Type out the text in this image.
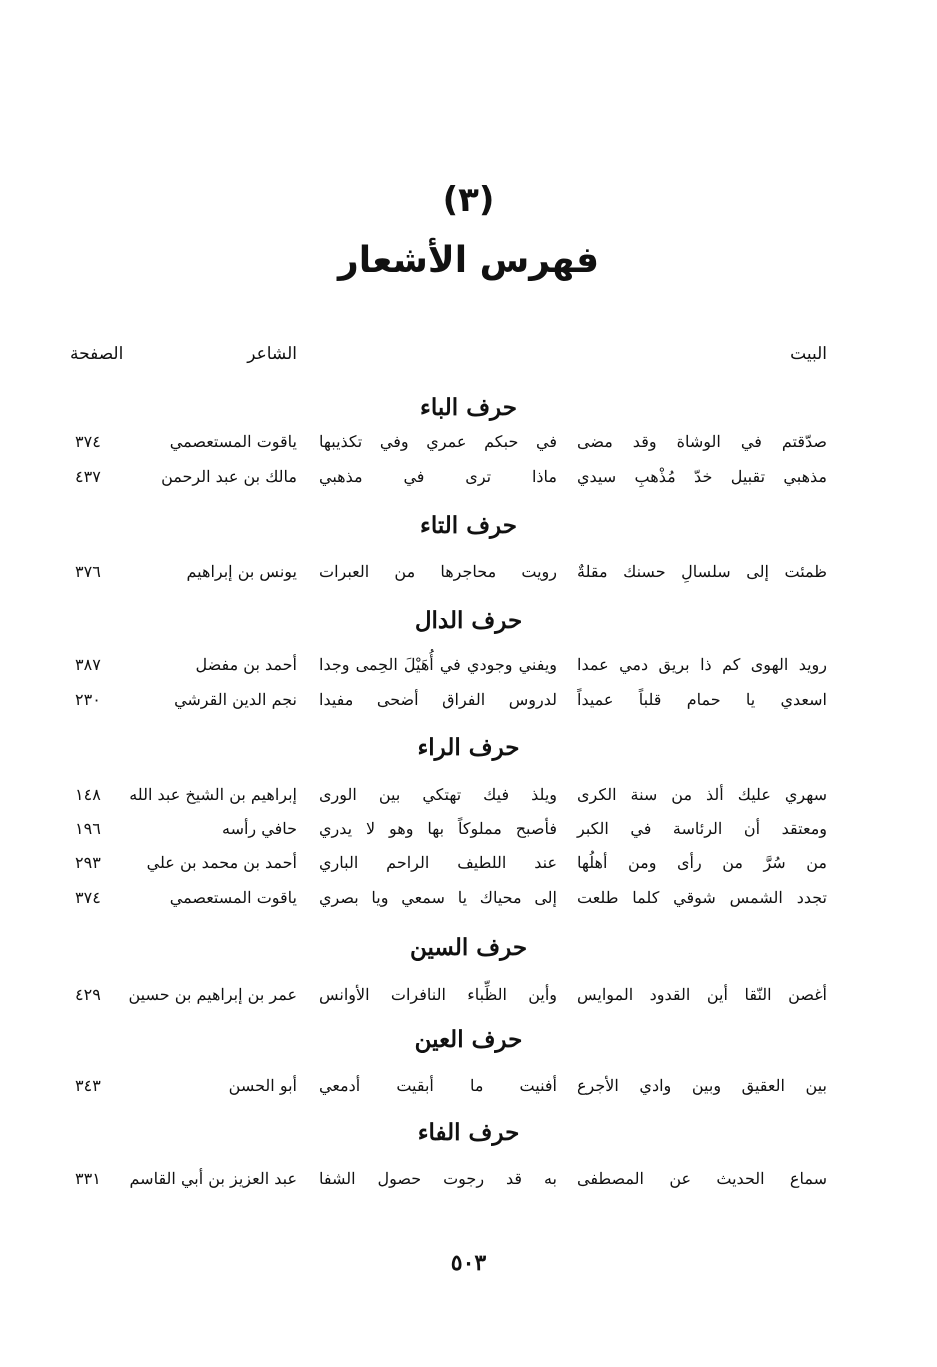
(٣)
فهرس الأشعار
البيت
الشاعر
الصفحة
حرف الباء
صدّقتم في الوشاة وقد مضى
في حبكم عمري وفي تكذيبها
ياقوت المستعصمي
٣٧٤
مذهبي تقبيل خدّ مُذْهبِ سيدي
ماذا ترى في مذهبي
مالك بن عبد الرحمن
٤٣٧
حرف التاء
ظمئت إلى سلسالِ حسنك مقلةٌ
رويت محاجرها من العبرات
يونس بن إبراهيم
٣٧٦
حرف الدال
رويد الهوى كم ذا بريق دمي عمدا
ويفني وجودي في أُهَيْلَ الحِمى وجدا
أحمد بن مفضل
٣٨٧
اسعدي يا حمام قلباً عميداً
لدروس الفراق أضحى مفيدا
نجم الدين القرشي
٢٣٠
حرف الراء
سهري عليك ألذ من سنة الكرى
ويلذ فيك تهتكي بين الورى
إبراهيم بن الشيخ عبد الله
١٤٨
ومعتقد أن الرئاسة في الكبر
فأصبح مملوكاً بها وهو لا يدري
حافي رأسه
١٩٦
من سُرَّ من رأى ومن أهلُها
عند اللطيف الراحم الباري
أحمد بن محمد بن علي
٢٩٣
تجدد الشمس شوقي كلما طلعت
إلى محياك يا سمعي ويا بصري
ياقوت المستعصمي
٣٧٤
حرف السين
أغصن النّقا أين القدود الموايس
وأين الظِّباء النافرات الأوانس
عمر بن إبراهيم بن حسين
٤٢٩
حرف العين
بين العقيق وبين وادي الأجرع
أفنيت ما أبقيت أدمعي
أبو الحسن
٣٤٣
حرف الفاء
سماع الحديث عن المصطفى
به قد رجوت حصول الشفا
عبد العزيز بن أبي القاسم
٣٣١
٥٠٣
